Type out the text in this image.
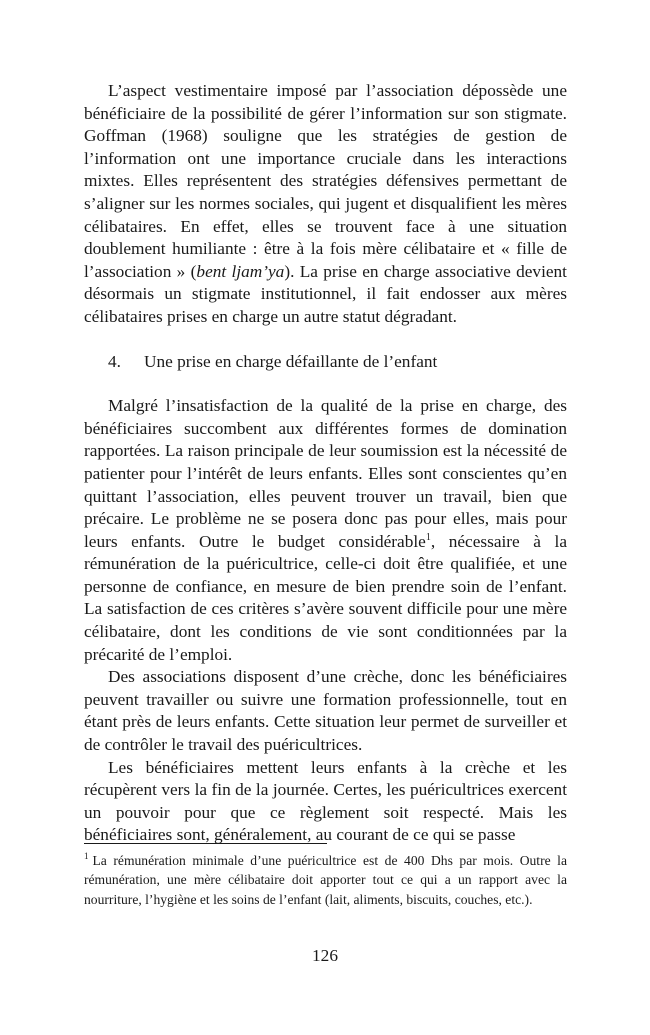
L’aspect vestimentaire imposé par l’association dépossède une bénéficiaire de la possibilité de gérer l’information sur son stigmate. Goffman (1968) souligne que les stratégies de gestion de l’information ont une importance cruciale dans les interactions mixtes. Elles représentent des stratégies défensives permettant de s’aligner sur les normes sociales, qui jugent et disqualifient les mères célibataires. En effet, elles se trouvent face à une situation doublement humiliante : être à la fois mère célibataire et « fille de l’association » (bent ljam’ya). La prise en charge associative devient désormais un stigmate institutionnel, il fait endosser aux mères célibataires prises en charge un autre statut dégradant.

4. Une prise en charge défaillante de l’enfant

Malgré l’insatisfaction de la qualité de la prise en charge, des bénéficiaires succombent aux différentes formes de domination rapportées. La raison principale de leur soumission est la nécessité de patienter pour l’intérêt de leurs enfants. Elles sont conscientes qu’en quittant l’association, elles peuvent trouver un travail, bien que précaire. Le problème ne se posera donc pas pour elles, mais pour leurs enfants. Outre le budget considérable$^1$, nécessaire à la rémunération de la puéricultrice, celle-ci doit être qualifiée, et une personne de confiance, en mesure de bien prendre soin de l’enfant. La satisfaction de ces critères s’avère souvent difficile pour une mère célibataire, dont les conditions de vie sont conditionnées par la précarité de l’emploi.

Des associations disposent d’une crèche, donc les bénéficiaires peuvent travailler ou suivre une formation professionnelle, tout en étant près de leurs enfants. Cette situation leur permet de surveiller et de contrôler le travail des puéricultrices.

Les bénéficiaires mettent leurs enfants à la crèche et les récupèrent vers la fin de la journée. Certes, les puéricultrices exercent un pouvoir pour que ce règlement soit respecté. Mais les bénéficiaires sont, généralement, au courant de ce qui se passe

$^1$ La rémunération minimale d’une puéricultrice est de 400 Dhs par mois. Outre la rémunération, une mère célibataire doit apporter tout ce qui a un rapport avec la nourriture, l’hygiène et les soins de l’enfant (lait, aliments, biscuits, couches, etc.).

126
